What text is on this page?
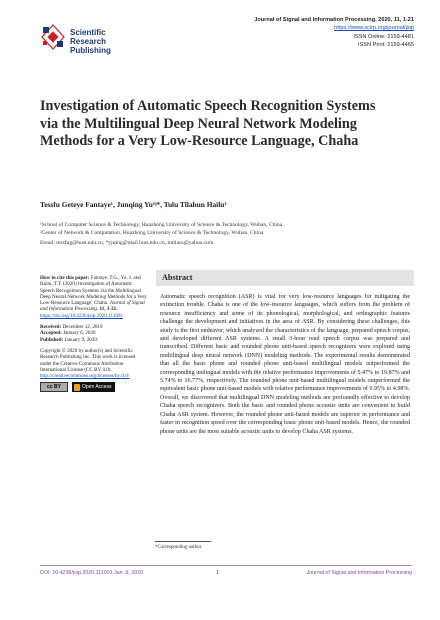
Scientific
Research
Publishing
Journal of Signal and Information Processing, 2020, 11, 1-21
https://www.scirp.org/journal/jsip
ISSN Online: 2159-4481
ISSN Print: 2159-4465
Investigation of Automatic Speech Recognition Systems via the Multilingual Deep Neural Network Modeling Methods for a Very Low-Resource Language, Chaha
Tessfu Geteye Fantaye¹, Junqing Yu¹ʲ*, Tulu Tilahun Hailu¹
¹School of Computer Science & Technology, Huazhong University of Science & Technology, Wuhan, China
²Center of Network & Computation, Huazhong University of Science & Technology, Wuhan, China
Email: tessfug@hust.edu.cn, *yjqing@mail.hust.edu.cn, tutilacs@yahoo.com
How to cite this paper: Fantaye, T.G., Yu, J. and Hailu, T.T. (2020) Investigation of Automatic Speech Recognition Systems via the Multilingual Deep Neural Network Modeling Methods for a Very Low-Resource Language, Chaha. Journal of Signal and Information Processing, 11, 1-21.
https://doi.org/10.4236/jsip.2020.111001
Received: December 12, 2019
Accepted: January 6, 2020
Published: January 9, 2020
Copyright © 2020 by author(s) and Scientific Research Publishing Inc. This work is licensed under the Creative Commons Attribution International License (CC BY 4.0).
http://creativecommons.org/licenses/by/4.0/
cc BY	Open Access
Abstract

Automatic speech recognition (ASR) is vital for very low-resource languages for mitigating the extinction trouble. Chaha is one of the low-resource languages, which suffers from the problem of resource insufficiency and some of its phonological, morphological, and orthographic features challenge the development and initiatives in the area of ASR. By considering these challenges, this study is the first endeavor, which analyzed the characteristics of the language, prepared speech corpus, and developed different ASR systems. A small 3-hour read speech corpus was prepared and transcribed. Different basic and rounded phone unit-based speech recognizers were explored using multilingual deep neural network (DNN) modeling methods. The experimental results demonstrated that all the basic phone and rounded phone unit-based multilingual models outperformed the corresponding unilingual models with the relative performance improvements of 5.47% to 19.87% and 5.74% to 16.77%, respectively. The rounded phone unit-based multilingual models outperformed the equivalent basic phone unit-based models with relative performance improvements of 0.95% to 4.98%. Overall, we discovered that multilingual DNN modeling methods are profoundly effective to develop Chaha speech recognizers. Both the basic and rounded phone acoustic units are convenient to build Chaha ASR system. However, the rounded phone unit-based models are superior in performance and faster in recognition speed over the corresponding basic phone unit-based models. Hence, the rounded phone units are the most suitable acoustic units to develop Chaha ASR systems.

*Corresponding author.
DOI: 10.4236/jsip.2020.111001 Jan. 9, 2020	1	Journal of Signal and Information Processing
